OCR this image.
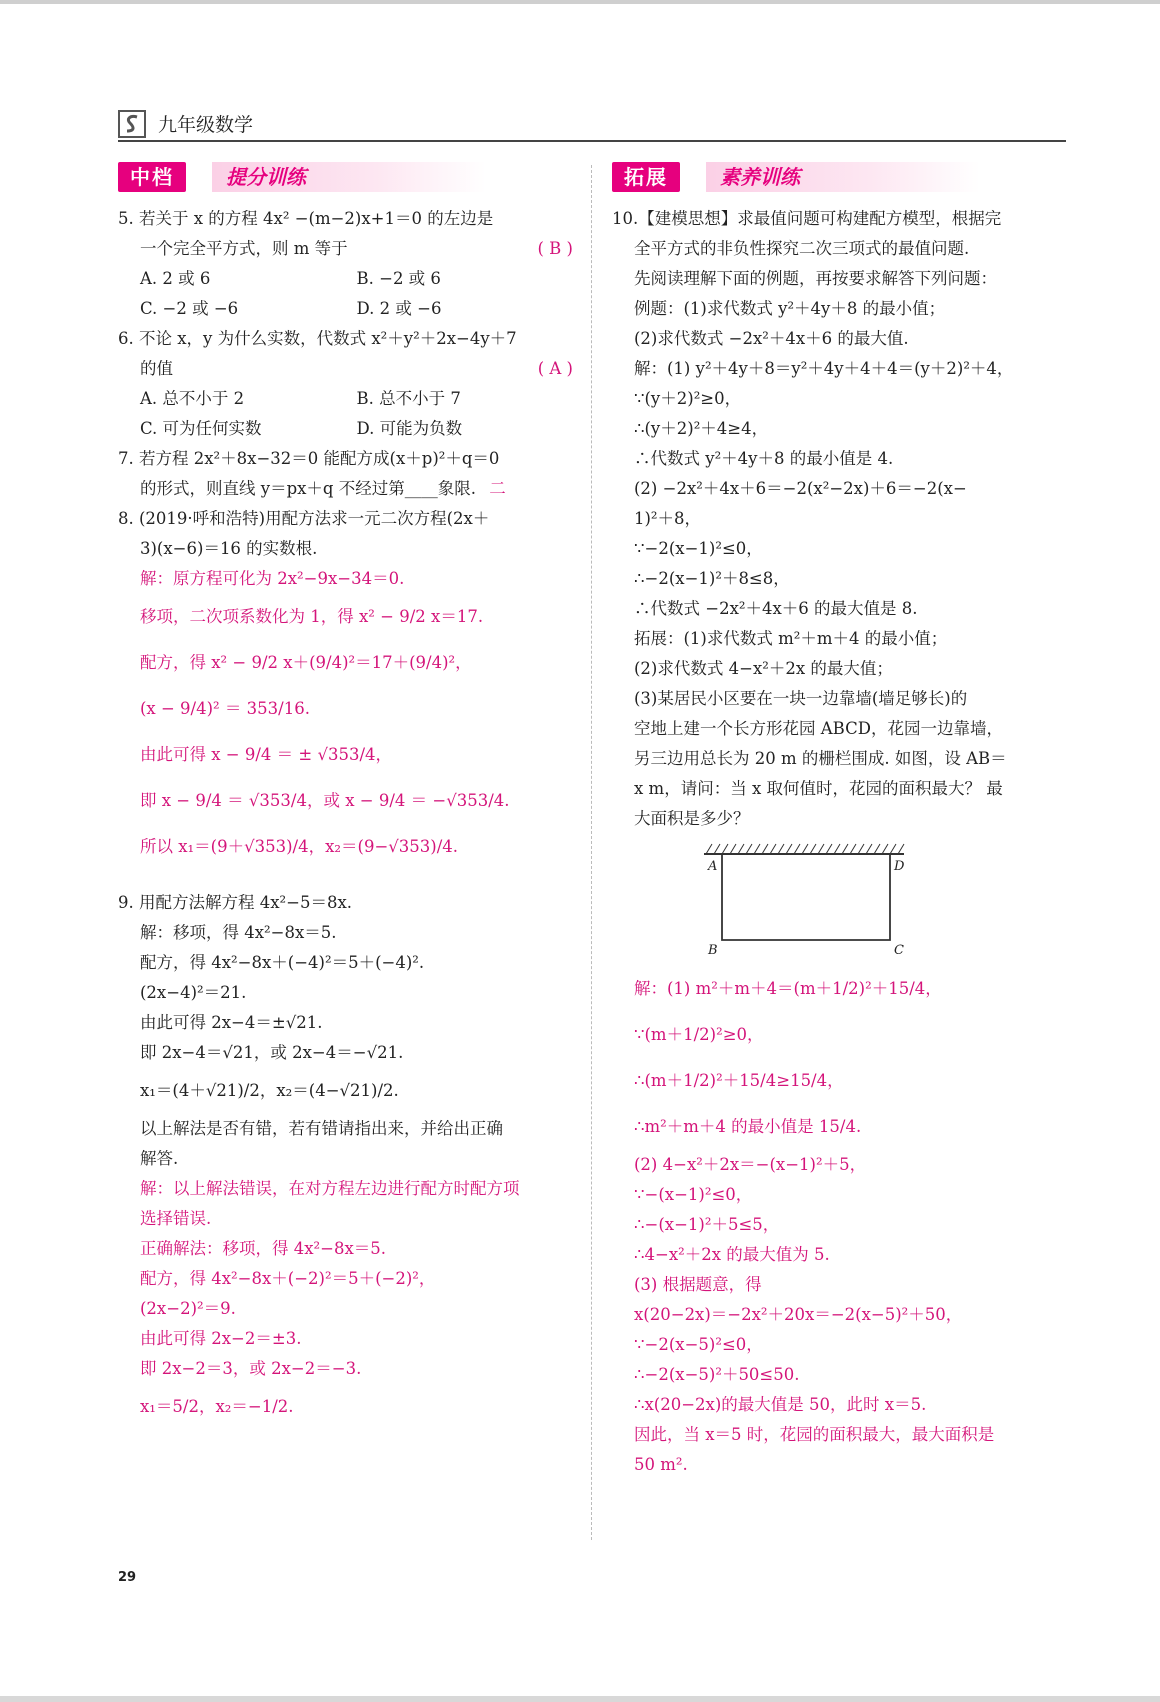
九年级数学
中档	提分训练
5. 若关于 x 的方程 4x² −(m−2)x+1＝0 的左边是
一个完全平方式，则 m 等于	( B )
A. 2 或 6	B. −2 或 6
C. −2 或 −6	D. 2 或 −6
6. 不论 x，y 为什么实数，代数式 x²＋y²＋2x−4y＋7
的值	( A )
A. 总不小于 2	B. 总不小于 7
C. 可为任何实数	D. 可能为负数
7. 若方程 2x²＋8x−32＝0 能配方成(x＋p)²＋q＝0
的形式，则直线 y＝px＋q 不经过第____象限. 二
8. (2019·呼和浩特)用配方法求一元二次方程(2x＋
3)(x−6)＝16 的实数根.
解：原方程可化为 2x²−9x−34＝0.
移项，二次项系数化为 1，得 x² − 9/2 x＝17.
配方，得 x² − 9/2 x＋(9/4)²＝17＋(9/4)²，
(x − 9/4)² ＝ 353/16.
由此可得 x − 9/4 ＝ ± √353/4，
即 x − 9/4 ＝ √353/4，或 x − 9/4 ＝ −√353/4.
所以 x₁＝(9＋√353)/4，x₂＝(9−√353)/4.
9. 用配方法解方程 4x²−5＝8x.
解：移项，得 4x²−8x＝5.
配方，得 4x²−8x＋(−4)²＝5＋(−4)².
(2x−4)²＝21.
由此可得 2x−4＝±√21.
即 2x−4＝√21，或 2x−4＝−√21.
x₁＝(4＋√21)/2，x₂＝(4−√21)/2.
以上解法是否有错，若有错请指出来，并给出正确
解答.
解：以上解法错误，在对方程左边进行配方时配方项
选择错误.
正确解法：移项，得 4x²−8x＝5.
配方，得 4x²−8x＋(−2)²＝5＋(−2)²，
(2x−2)²＝9.
由此可得 2x−2＝±3.
即 2x−2＝3，或 2x−2＝−3.
x₁＝5/2，x₂＝−1/2.
拓展	素养训练
10.【建模思想】求最值问题可构建配方模型，根据完
全平方式的非负性探究二次三项式的最值问题.
先阅读理解下面的例题，再按要求解答下列问题：
例题：(1)求代数式 y²＋4y＋8 的最小值；
(2)求代数式 −2x²＋4x＋6 的最大值.
解：(1) y²＋4y＋8＝y²＋4y＋4＋4＝(y＋2)²＋4，
∵(y＋2)²≥0，
∴(y＋2)²＋4≥4，
∴代数式 y²＋4y＋8 的最小值是 4.
(2) −2x²＋4x＋6＝−2(x²−2x)＋6＝−2(x−
1)²＋8，
∵−2(x−1)²≤0，
∴−2(x−1)²＋8≤8，
∴代数式 −2x²＋4x＋6 的最大值是 8.
拓展：(1)求代数式 m²＋m＋4 的最小值；
(2)求代数式 4−x²＋2x 的最大值；
(3)某居民小区要在一块一边靠墙(墙足够长)的
空地上建一个长方形花园 ABCD，花园一边靠墙，
另三边用总长为 20 m 的栅栏围成. 如图，设 AB＝
x m，请问：当 x 取何值时，花园的面积最大？ 最
大面积是多少？
A	D
B	C
解：(1) m²＋m＋4＝(m＋1/2)²＋15/4，
∵(m＋1/2)²≥0，
∴(m＋1/2)²＋15/4≥15/4，
∴m²＋m＋4 的最小值是 15/4.
(2) 4−x²＋2x＝−(x−1)²＋5，
∵−(x−1)²≤0，
∴−(x−1)²＋5≤5，
∴4−x²＋2x 的最大值为 5.
(3) 根据题意，得
x(20−2x)＝−2x²＋20x＝−2(x−5)²＋50，
∵−2(x−5)²≤0，
∴−2(x−5)²＋50≤50.
∴x(20−2x)的最大值是 50，此时 x＝5.
因此，当 x＝5 时，花园的面积最大，最大面积是
50 m².
29
